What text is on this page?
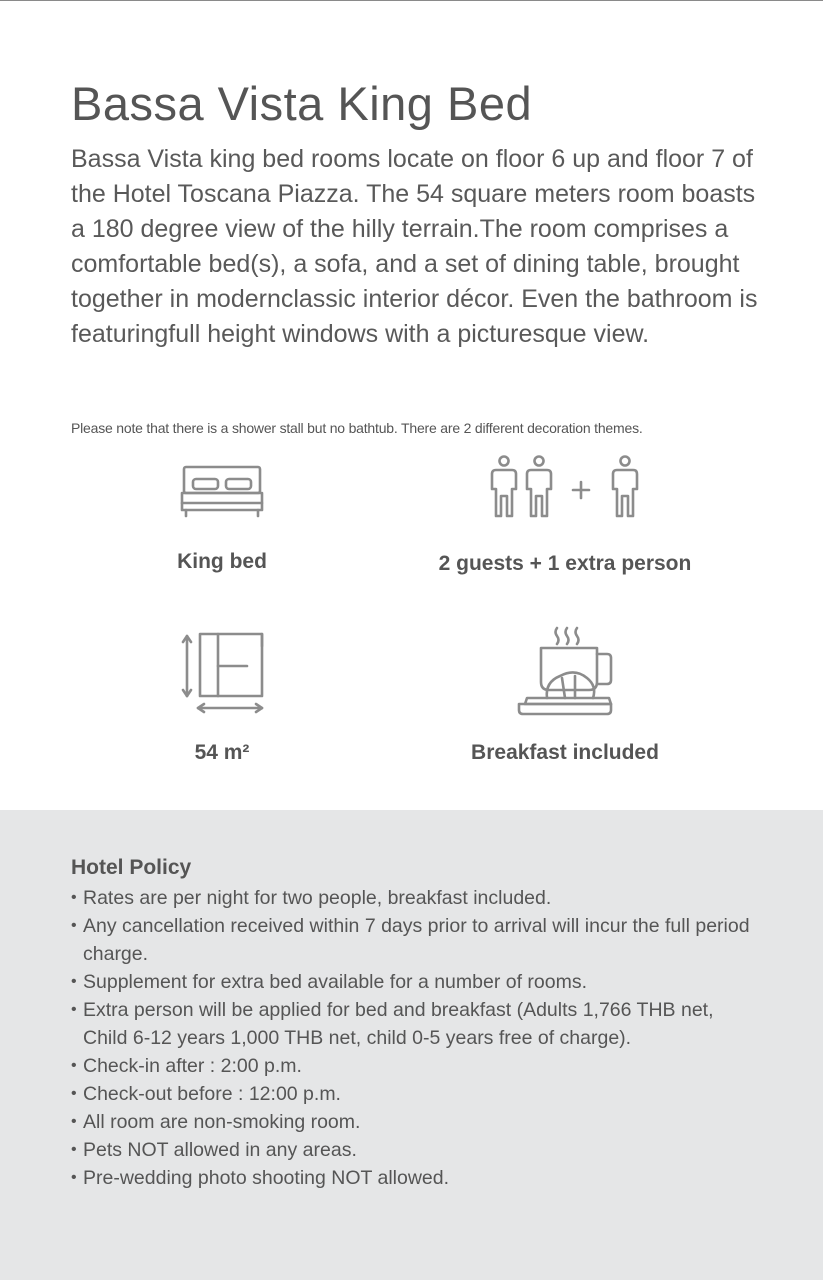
Bassa Vista King Bed

Bassa Vista king bed rooms locate on floor 6 up and floor 7 of the Hotel Toscana Piazza. The 54 square meters room boasts a 180 degree view of the hilly terrain.The room comprises a comfortable bed(s), a sofa, and a set of dining table, brought together in modernclassic interior décor. Even the bathroom is featuringfull height windows with a picturesque view.

Please note that there is a shower stall but no bathtub. There are 2 different decoration themes.

King bed	2 guests + 1 extra person
54 m²	Breakfast included
Hotel Policy
• Rates are per night for two people, breakfast included.
• Any cancellation received within 7 days prior to arrival will incur the full period charge.
• Supplement for extra bed available for a number of rooms.
• Extra person will be applied for bed and breakfast (Adults 1,766 THB net, Child 6-12 years 1,000 THB net, child 0-5 years free of charge).
• Check-in after : 2:00 p.m.
• Check-out before : 12:00 p.m.
• All room are non-smoking room.
• Pets NOT allowed in any areas.
• Pre-wedding photo shooting NOT allowed.
